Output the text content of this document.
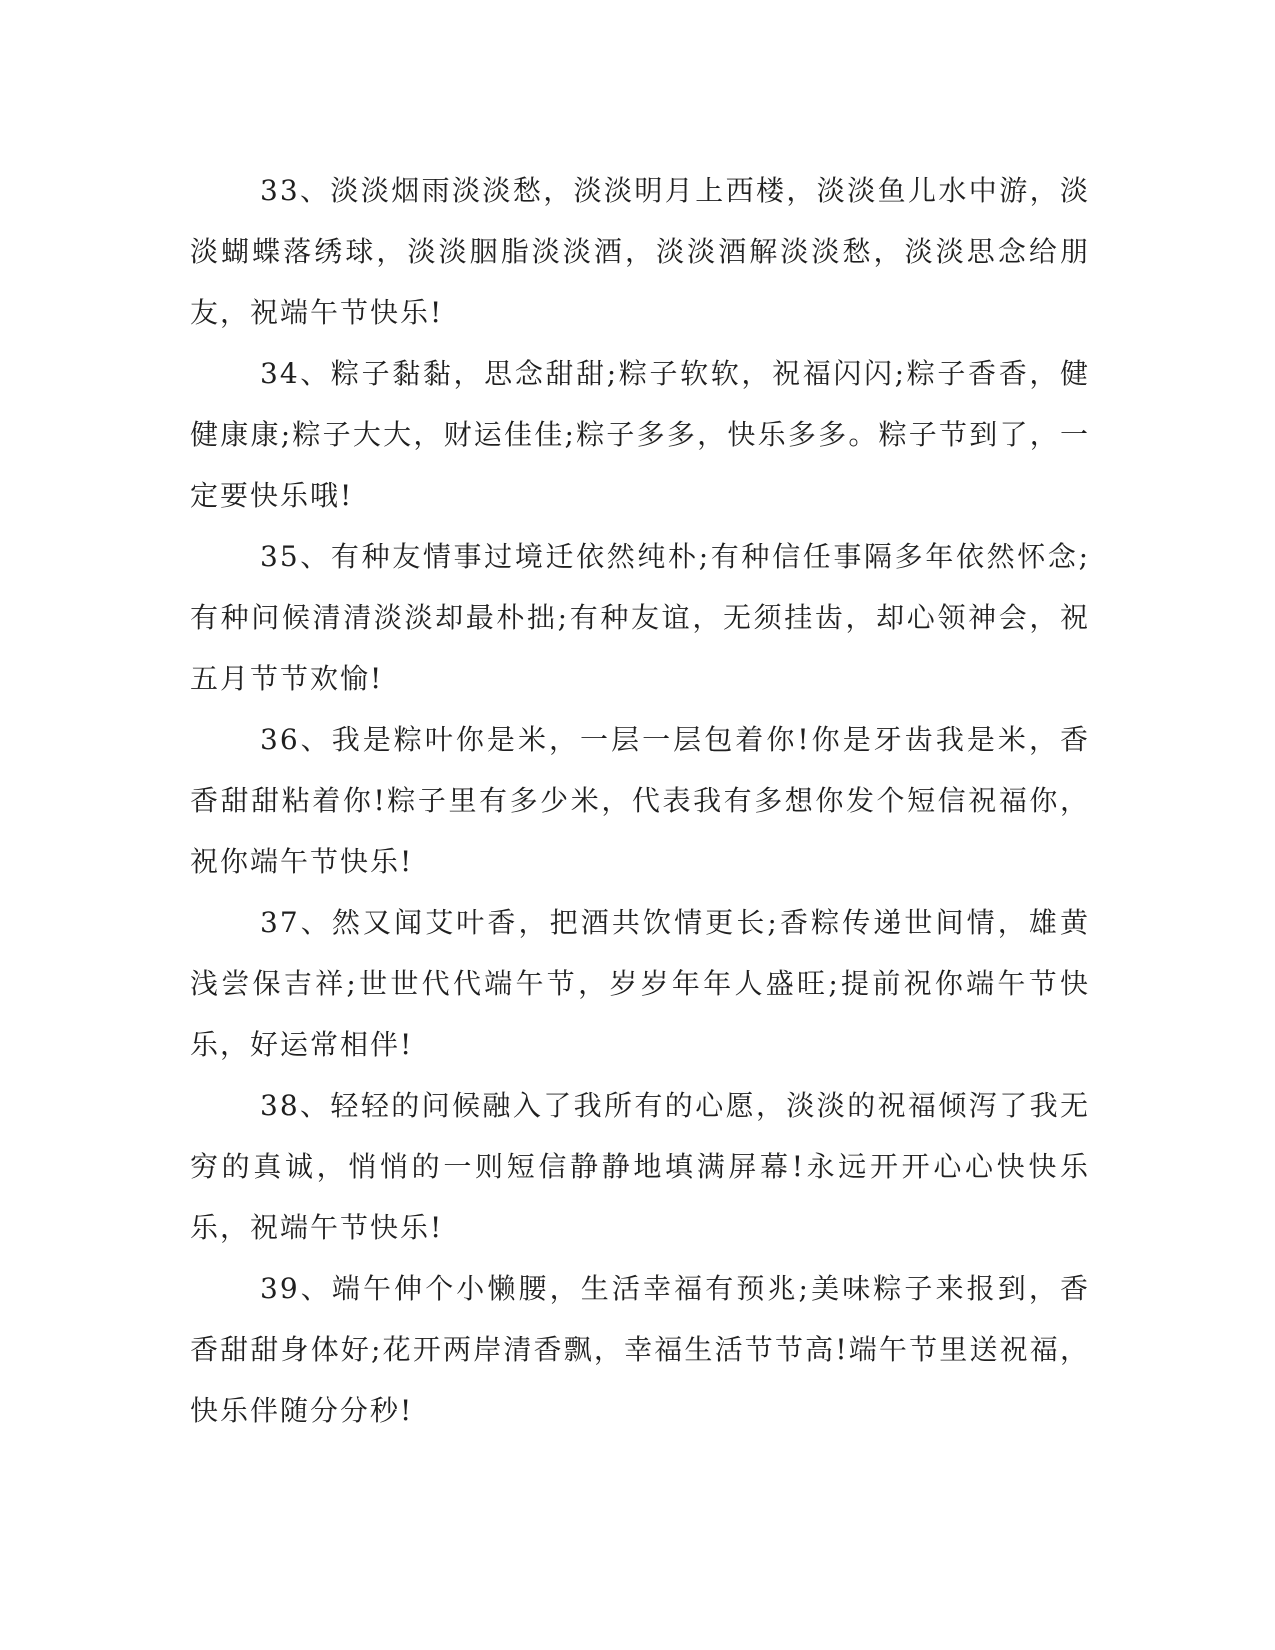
33、淡淡烟雨淡淡愁，淡淡明月上西楼，淡淡鱼儿水中游，淡淡蝴蝶落绣球，淡淡胭脂淡淡酒，淡淡酒解淡淡愁，淡淡思念给朋友，祝端午节快乐!

34、粽子黏黏，思念甜甜;粽子软软，祝福闪闪;粽子香香，健健康康;粽子大大，财运佳佳;粽子多多，快乐多多。粽子节到了，一定要快乐哦!

35、有种友情事过境迁依然纯朴;有种信任事隔多年依然怀念;有种问候清清淡淡却最朴拙;有种友谊，无须挂齿，却心领神会，祝五月节节欢愉!

36、我是粽叶你是米，一层一层包着你!你是牙齿我是米，香香甜甜粘着你!粽子里有多少米，代表我有多想你发个短信祝福你，祝你端午节快乐!

37、然又闻艾叶香，把酒共饮情更长;香粽传递世间情，雄黄浅尝保吉祥;世世代代端午节，岁岁年年人盛旺;提前祝你端午节快乐，好运常相伴!

38、轻轻的问候融入了我所有的心愿，淡淡的祝福倾泻了我无穷的真诚，悄悄的一则短信静静地填满屏幕!永远开开心心快快乐乐，祝端午节快乐!

39、端午伸个小懒腰，生活幸福有预兆;美味粽子来报到，香香甜甜身体好;花开两岸清香飘，幸福生活节节高!端午节里送祝福，快乐伴随分分秒!
